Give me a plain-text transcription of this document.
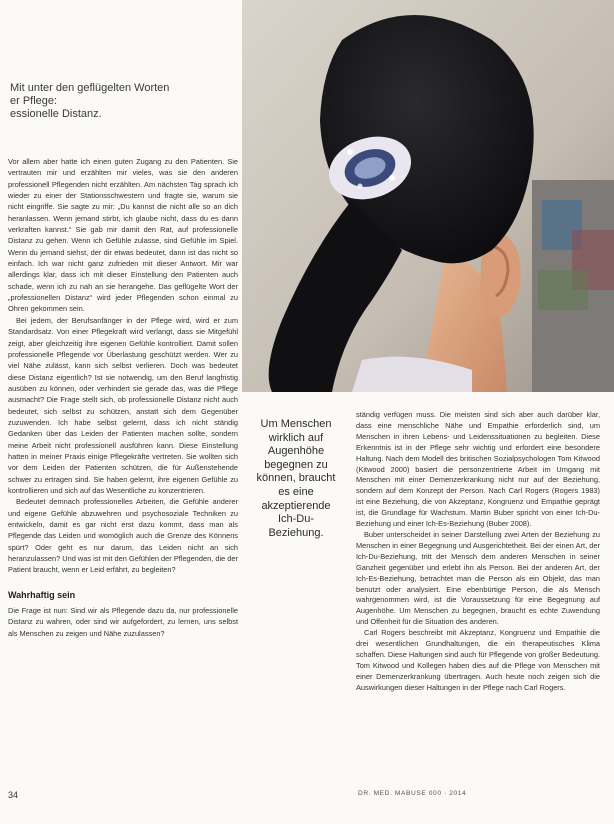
Mit unter den geflügelten Worten
er Pflege:
essionelle Distanz.

Vor allem aber hatte ich einen guten Zugang zu den Patienten. Sie vertrauten mir und erzählten mir vieles, was sie den anderen professionell Pflegenden nicht erzählten. Am nächsten Tag sprach ich wieder zu einer der Stationsschwestern und fragte sie, warum sie nicht eingriffe. Sie sagte zu mir: „Du kannst die nicht alle so an dich heranlassen. Wenn jemand stirbt, ich glaube nicht, dass du es dann verkraften kannst.“ Sie gab mir damit den Rat, auf professionelle Distanz zu gehen. Wenn ich Gefühle zulasse, sind Gefühle im Spiel. Wenn du jemand siehst, der dir etwas bedeutet, dann ist das nicht so einfach. Ich war nicht ganz zufrieden mit dieser Antwort. Mir war allerdings klar, dass ich mit dieser Einstellung den Patienten auch schade, wenn ich zu nah an sie herangehe. Das geflügelte Wort der „professionellen Distanz“ wird jeder Pflegenden schon einmal zu Ohren gekommen sein.

Bei jedem, der Berufsanfänger in der Pflege wird, wird er zum Standardsatz. Von einer Pflegekraft wird verlangt, dass sie Mitgefühl zeigt, aber gleichzeitig ihre eigenen Gefühle kontrolliert. Damit sollen professionelle Pflegende vor Überlastung geschützt werden. Wer zu viel Nähe zulässt, kann sich selbst verlieren. Doch was bedeutet diese Distanz eigentlich? Ist sie notwendig, um den Beruf langfristig ausüben zu können, oder verhindert sie gerade das, was die Pflege ausmacht? Die Frage stellt sich, ob professionelle Distanz nicht auch bedeutet, sich selbst zu schützen, anstatt sich dem Gegenüber zuzuwenden. Ich habe selbst gelernt, dass ich nicht ständig Gedanken über das Leiden der Patienten machen sollte, sondern meine Arbeit nicht professionell ausführen kann. Diese Einstellung hatten in meiner Praxis einige Pflegekräfte vertreten. Sie wollten sich vor dem Leiden der Patienten schützen, die für Außenstehende schwer zu ertragen sind. Sie haben gelernt, ihre eigenen Gefühle zu kontrollieren und sich auf das Wesentliche zu konzentrieren.

Bedeutet demnach professionelles Arbeiten, die Gefühle anderer und eigene Gefühle abzuwehren und psychosoziale Techniken zu entwickeln, damit es gar nicht erst dazu kommt, dass man als Pflegende das Leiden und womöglich auch die Grenze des Könnens spürt? Oder geht es nur darum, das Leiden nicht an sich heranzulassen? Und was ist mit den Gefühlen der Pflegenden, die der Patient braucht, wenn er Leid erfährt, zu begleiten?

Wahrhaftig sein

Die Frage ist nun: Sind wir als Pflegende dazu da, nur professionelle Distanz zu wahren, oder sind wir aufgefordert, zu lernen, uns selbst als Menschen zu zeigen und Nähe zuzulassen?

Um Menschen
wirklich auf
Augenhöhe
begegnen zu
können, braucht
es eine
akzeptierende
Ich-Du-
Beziehung.

ständig verfügen muss. Die meisten sind sich aber auch darüber klar, dass eine menschliche Nähe und Empathie erforderlich sind, um Menschen in ihren Lebens- und Leidenssituationen zu begleiten. Diese Erkenntnis ist in der Pflege sehr wichtig und erfordert eine besondere Haltung. Nach dem Modell des britischen Sozialpsychologen Tom Kitwood (Kitwood 2000) basiert die personzentrierte Arbeit im Umgang mit Menschen mit einer Demenzerkrankung nicht nur auf der Beziehung, sondern auf dem Konzept der Person. Nach Carl Rogers (Rogers 1983) ist eine Beziehung, die von Akzeptanz, Kongruenz und Empathie geprägt ist, die Grundlage für Wachstum. Martin Buber spricht von einer Ich-Du-Beziehung und einer Ich-Es-Beziehung (Buber 2008).

Buber unterscheidet in seiner Darstellung zwei Arten der Beziehung zu Menschen in einer Begegnung und Ausgerichtetheit. Bei der einen Art, der Ich-Du-Beziehung, tritt der Mensch dem anderen Menschen in seiner Ganzheit gegenüber und erlebt ihn als Person. Bei der anderen Art, der Ich-Es-Beziehung, betrachtet man die Person als ein Objekt, das man benutzt oder analysiert. Eine ebenbürtige Person, die als Mensch wahrgenommen wird, ist die Voraussetzung für eine Begegnung auf Augenhöhe. Um Menschen zu begegnen, braucht es echte Zuwendung und Offenheit für die Situation des anderen.

Carl Rogers beschreibt mit Akzeptanz, Kongruenz und Empathie die drei wesentlichen Grundhaltungen, die ein therapeutisches Klima schaffen. Diese Haltungen sind auch für Pflegende von großer Bedeutung. Tom Kitwood und Kollegen haben dies auf die Pflege von Menschen mit einer Demenzerkrankung übertragen. Auch heute noch zeigen sich die Auswirkungen dieser Haltungen in der Pflege nach Carl Rogers.

34	DR. MED. MABUSE 000 · 2014
